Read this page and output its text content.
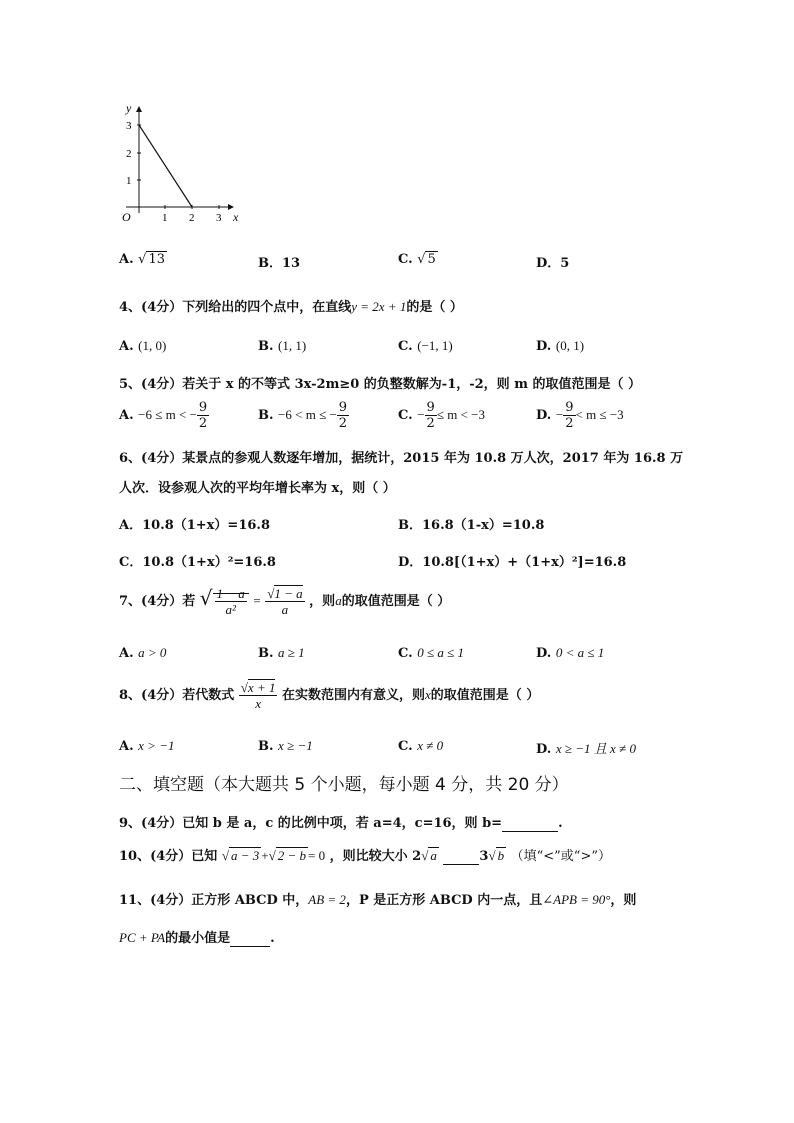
y
x
O	1 2 3
1
2
3
A. √ 13	B．13	C. √ 5	D．5
4、(4分）下列给出的四个点中，在直线y = 2x + 1的是（ ）
A. (1, 0)	B. (1, 1)	C. (−1, 1)	D. (0, 1)
5、(4分）若关于 x 的不等式 3x-2m≥0 的负整数解为-1，-2，则 m 的取值范围是（ ）
A. −6 ≤ m < − $\frac{9}{2}$	B. −6 < m ≤ − $\frac{9}{2}$	C. − $\frac{9}{2} \le m < -3$	D. − $\frac{9}{2} < m \le -3$
6、(4分）某景点的参观人数逐年增加，据统计，2015 年为 10.8 万人次，2017 年为 16.8 万
人次．设参观人次的平均年增长率为 x，则（ ）
A．10.8（1+x）=16.8	B．16.8（1-x）=10.8
C．10.8（1+x）²=16.8	D．10.8[（1+x）+（1+x）²]=16.8
7、(4分）若 √ $\frac{1 - a}{\text{a²}} = \frac{√1 - a}{a}$ ，则a的取值范围是（ ）
A. a > 0	B. a ≥ 1	C. 0 ≤ a ≤ 1	D. 0 < a ≤ 1
8、(4分）若代数式 $\frac{√x + 1}{x}$ 在实数范围内有意义，则x的取值范围是（ ）
A. x > −1	B. x ≥ −1	C. x ≠ 0	D. x ≥ −1 且 x ≠ 0
二、填空题（本大题共 5 个小题，每小题 4 分，共 20 分）
9、(4分）已知 b 是 a，c 的比例中项，若 a=4，c=16，则 b=	.
10、(4分）已知 √ a − 3 +√ 2 − b = 0 ，则比较大小 2√ a	3√ b （填“<”或“>”）
11、(4分）正方形 ABCD 中，AB = 2，P 是正方形 ABCD 内一点，且∠APB = 90°，则
PC + PA的最小值是	.
